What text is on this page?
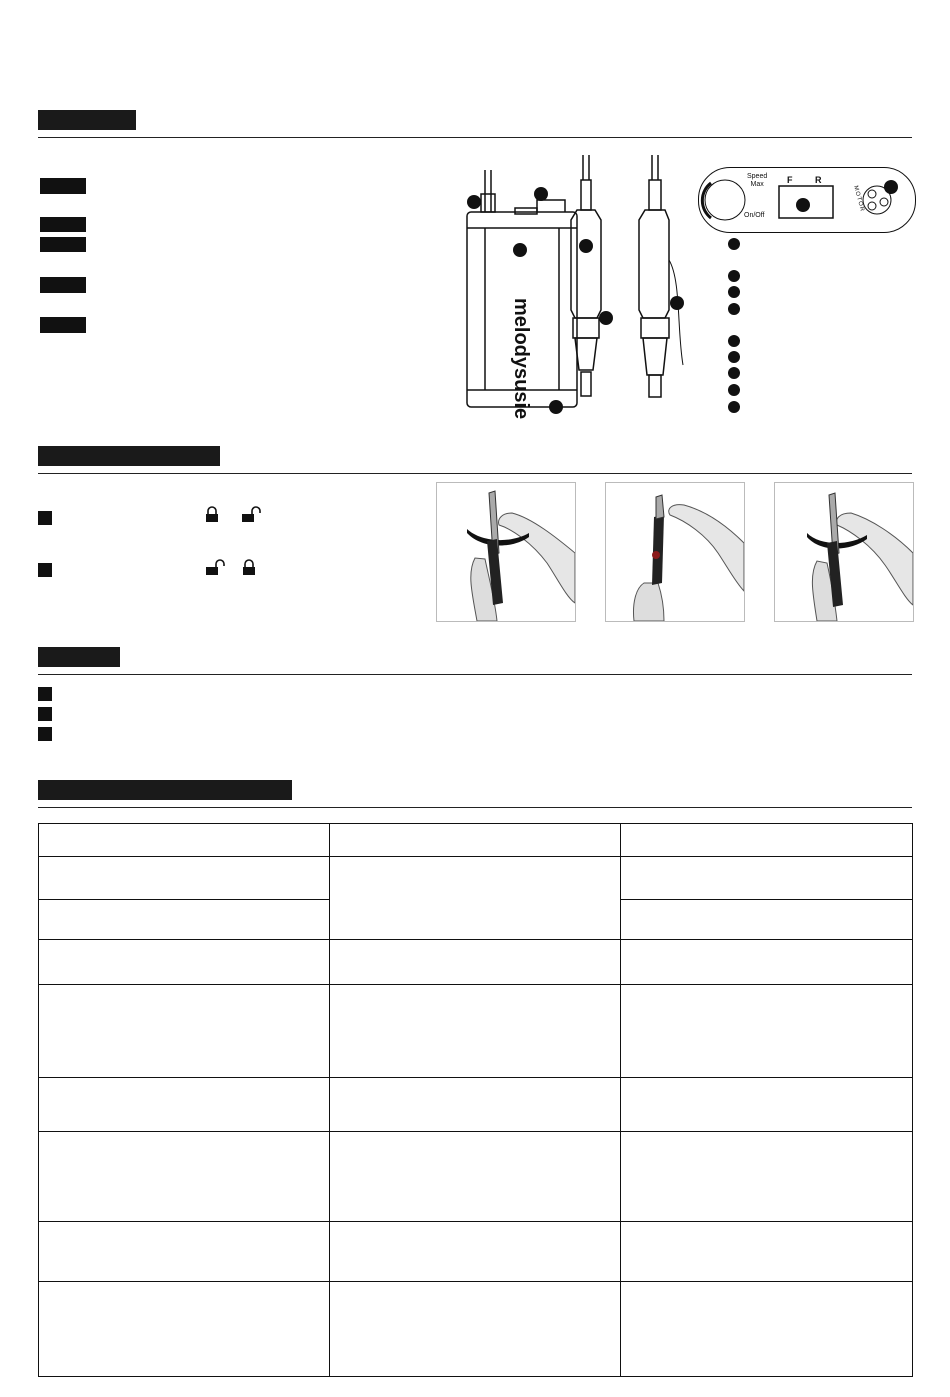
melodysusie
Speed
Max
On/Off
F	R
MOTOR
